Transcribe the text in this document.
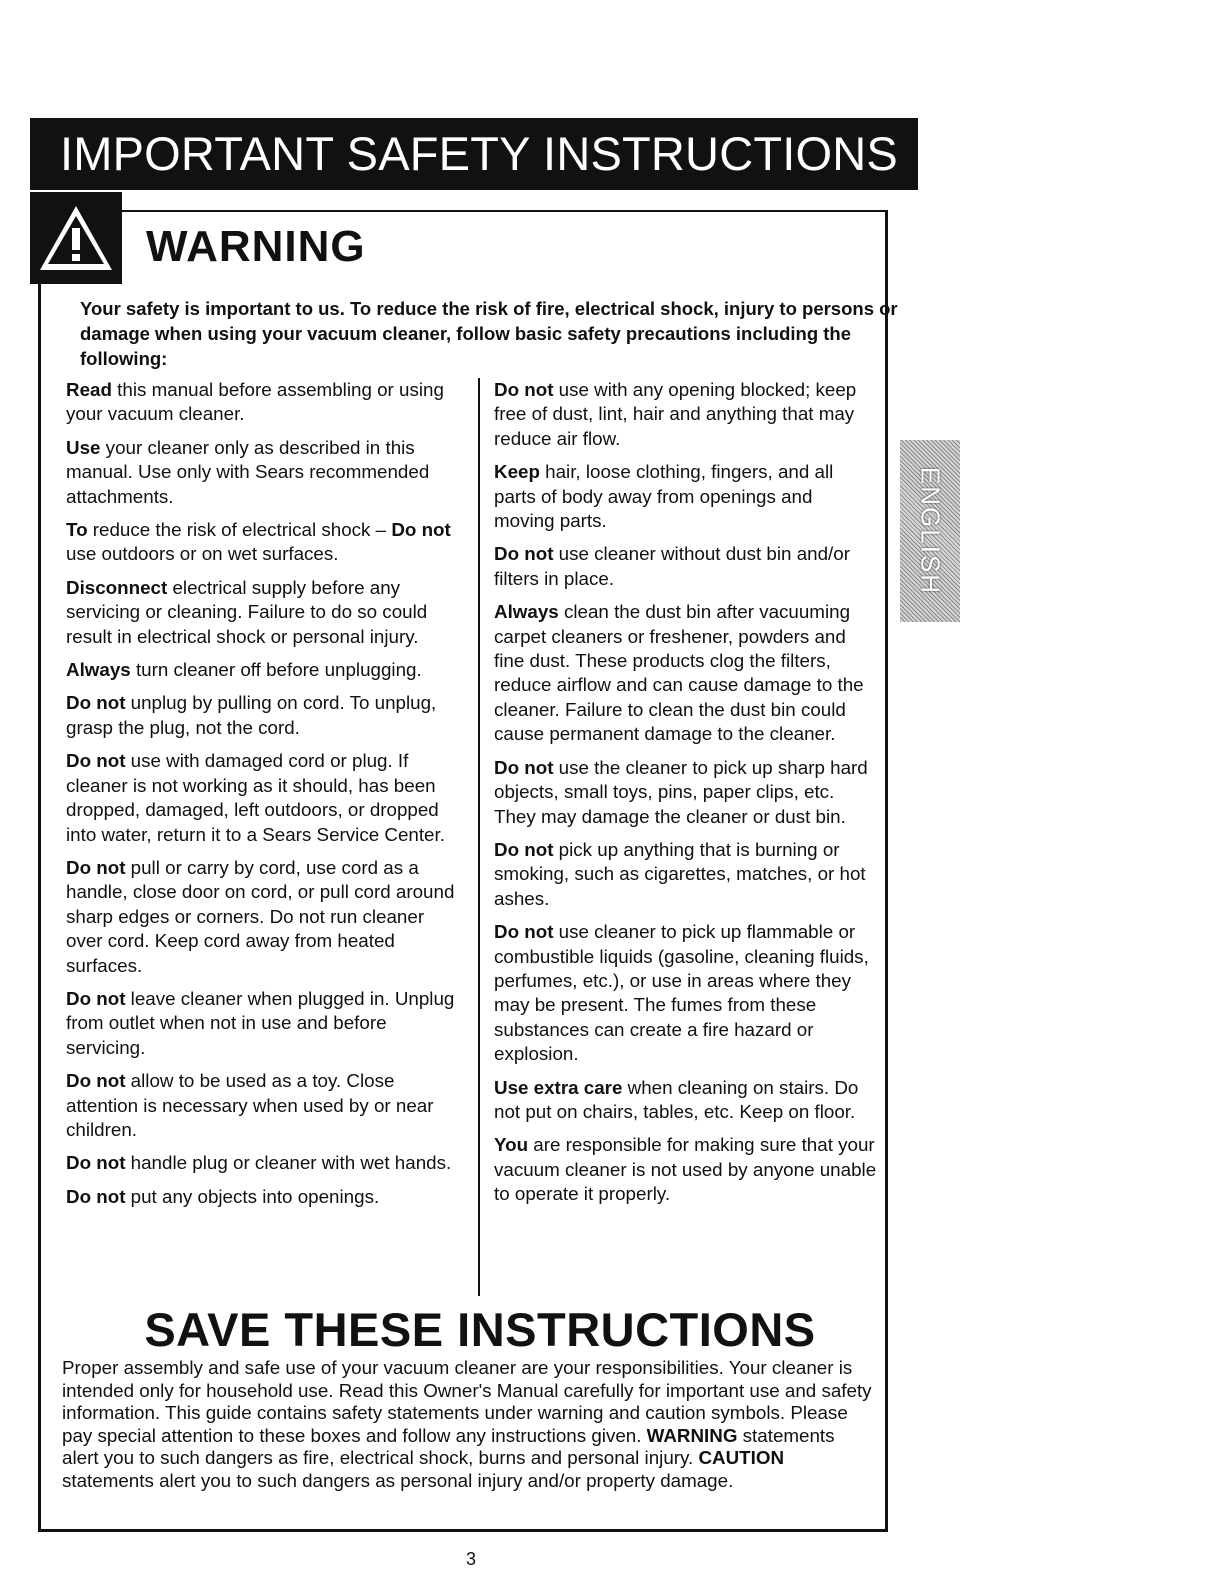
IMPORTANT SAFETY INSTRUCTIONS
WARNING

Your safety is important to us. To reduce the risk of fire, electrical shock, injury to persons or damage when using your vacuum cleaner, follow basic safety precautions including the following:

Read this manual before assembling or using your vacuum cleaner.

Use your cleaner only as described in this manual. Use only with Sears recommended attachments.

To reduce the risk of electrical shock – Do not use outdoors or on wet surfaces.

Disconnect electrical supply before any servicing or cleaning. Failure to do so could result in electrical shock or personal injury.

Always turn cleaner off before unplugging.

Do not unplug by pulling on cord. To unplug, grasp the plug, not the cord.

Do not use with damaged cord or plug. If cleaner is not working as it should, has been dropped, damaged, left outdoors, or dropped into water, return it to a Sears Service Center.

Do not pull or carry by cord, use cord as a handle, close door on cord, or pull cord around sharp edges or corners. Do not run cleaner over cord. Keep cord away from heated surfaces.

Do not leave cleaner when plugged in. Unplug from outlet when not in use and before servicing.

Do not allow to be used as a toy. Close attention is necessary when used by or near children.

Do not handle plug or cleaner with wet hands.

Do not put any objects into openings.

Do not use with any opening blocked; keep free of dust, lint, hair and anything that may reduce air flow.

Keep hair, loose clothing, fingers, and all parts of body away from openings and moving parts.

Do not use cleaner without dust bin and/or filters in place.

Always clean the dust bin after vacuuming carpet cleaners or freshener, powders and fine dust. These products clog the filters, reduce airflow and can cause damage to the cleaner. Failure to clean the dust bin could cause permanent damage to the cleaner.

Do not use the cleaner to pick up sharp hard objects, small toys, pins, paper clips, etc. They may damage the cleaner or dust bin.

Do not pick up anything that is burning or smoking, such as cigarettes, matches, or hot ashes.

Do not use cleaner to pick up flammable or combustible liquids (gasoline, cleaning fluids, perfumes, etc.), or use in areas where they may be present. The fumes from these substances can create a fire hazard or explosion.

Use extra care when cleaning on stairs. Do not put on chairs, tables, etc. Keep on floor.

You are responsible for making sure that your vacuum cleaner is not used by anyone unable to operate it properly.

SAVE THESE INSTRUCTIONS

Proper assembly and safe use of your vacuum cleaner are your responsibilities. Your cleaner is intended only for household use. Read this Owner's Manual carefully for important use and safety information. This guide contains safety statements under warning and caution symbols. Please pay special attention to these boxes and follow any instructions given. WARNING statements alert you to such dangers as fire, electrical shock, burns and personal injury. CAUTION statements alert you to such dangers as personal injury and/or property damage.

ENGLISH

3
